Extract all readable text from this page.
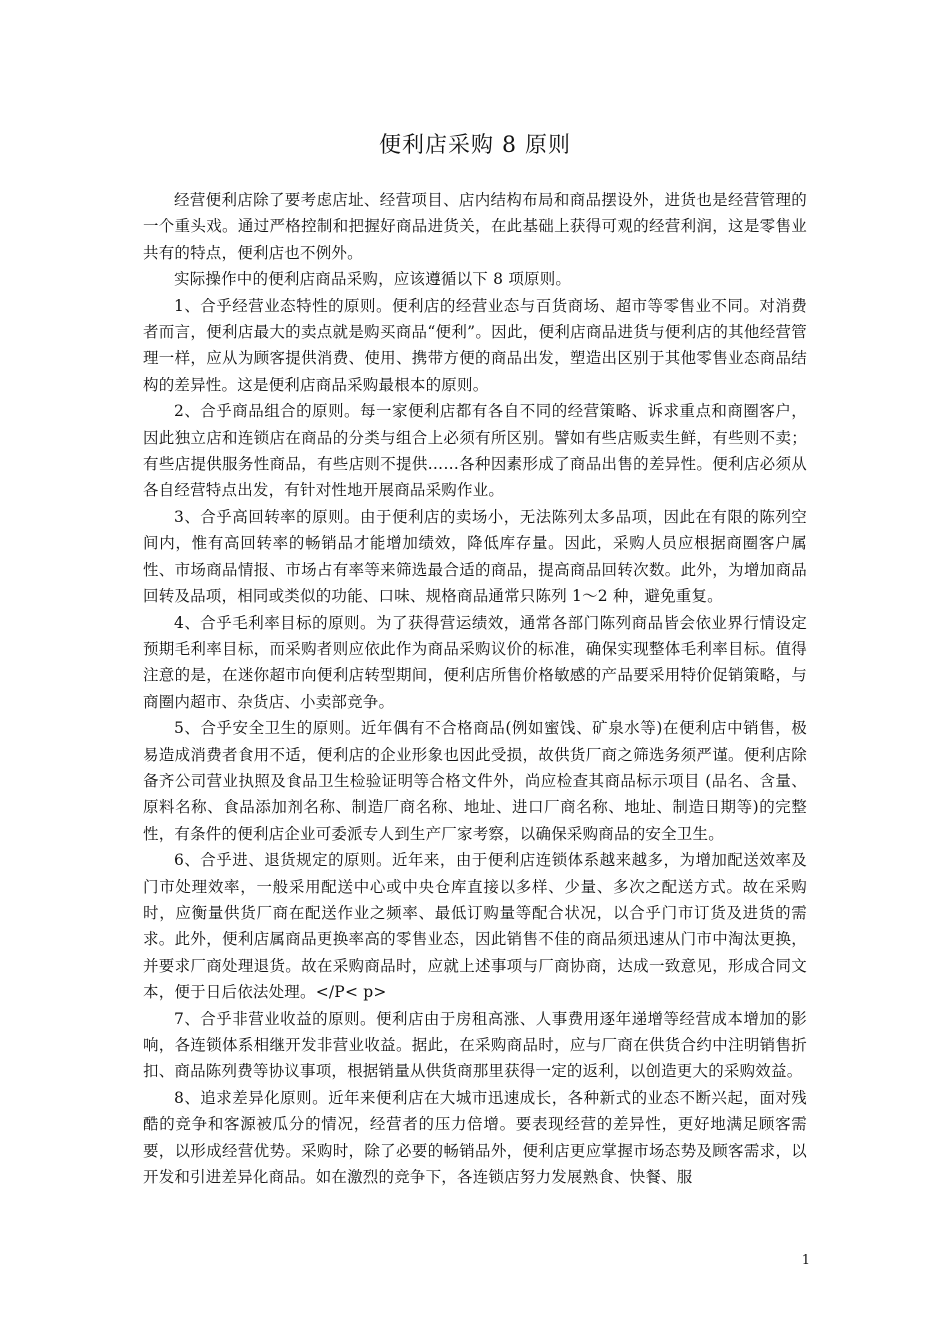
便利店采购 8 原则

经营便利店除了要考虑店址、经营项目、店内结构布局和商品摆设外，进货也是经营管理的一个重头戏。通过严格控制和把握好商品进货关，在此基础上获得可观的经营利润，这是零售业共有的特点，便利店也不例外。

实际操作中的便利店商品采购，应该遵循以下 8 项原则。

1、合乎经营业态特性的原则。便利店的经营业态与百货商场、超市等零售业不同。对消费者而言，便利店最大的卖点就是购买商品“便利”。因此，便利店商品进货与便利店的其他经营管理一样，应从为顾客提供消费、使用、携带方便的商品出发，塑造出区别于其他零售业态商品结构的差异性。这是便利店商品采购最根本的原则。

2、合乎商品组合的原则。每一家便利店都有各自不同的经营策略、诉求重点和商圈客户，因此独立店和连锁店在商品的分类与组合上必须有所区别。譬如有些店贩卖生鲜，有些则不卖；有些店提供服务性商品，有些店则不提供……各种因素形成了商品出售的差异性。便利店必须从各自经营特点出发，有针对性地开展商品采购作业。

3、合乎高回转率的原则。由于便利店的卖场小，无法陈列太多品项，因此在有限的陈列空间内，惟有高回转率的畅销品才能增加绩效，降低库存量。因此，采购人员应根据商圈客户属性、市场商品情报、市场占有率等来筛选最合适的商品，提高商品回转次数。此外，为增加商品回转及品项，相同或类似的功能、口味、规格商品通常只陈列 1～2 种，避免重复。

4、合乎毛利率目标的原则。为了获得营运绩效，通常各部门陈列商品皆会依业界行情设定预期毛利率目标，而采购者则应依此作为商品采购议价的标准，确保实现整体毛利率目标。值得注意的是，在迷你超市向便利店转型期间，便利店所售价格敏感的产品要采用特价促销策略，与商圈内超市、杂货店、小卖部竞争。

5、合乎安全卫生的原则。近年偶有不合格商品(例如蜜饯、矿泉水等)在便利店中销售，极易造成消费者食用不适，便利店的企业形象也因此受损，故供货厂商之筛选务须严谨。便利店除备齐公司营业执照及食品卫生检验证明等合格文件外，尚应检查其商品标示项目 (品名、含量、原料名称、食品添加剂名称、制造厂商名称、地址、进口厂商名称、地址、制造日期等)的完整性，有条件的便利店企业可委派专人到生产厂家考察，以确保采购商品的安全卫生。

6、合乎进、退货规定的原则。近年来，由于便利店连锁体系越来越多，为增加配送效率及门市处理效率，一般采用配送中心或中央仓库直接以多样、少量、多次之配送方式。故在采购时，应衡量供货厂商在配送作业之频率、最低订购量等配合状况，以合乎门市订货及进货的需求。此外，便利店属商品更换率高的零售业态，因此销售不佳的商品须迅速从门市中淘汰更换，并要求厂商处理退货。故在采购商品时，应就上述事项与厂商协商，达成一致意见，形成合同文本，便于日后依法处理。</P< p>

7、合乎非营业收益的原则。便利店由于房租高涨、人事费用逐年递增等经营成本增加的影响，各连锁体系相继开发非营业收益。据此，在采购商品时，应与厂商在供货合约中注明销售折扣、商品陈列费等协议事项，根据销量从供货商那里获得一定的返利，以创造更大的采购效益。

8、追求差异化原则。近年来便利店在大城市迅速成长，各种新式的业态不断兴起，面对残酷的竞争和客源被瓜分的情况，经营者的压力倍增。要表现经营的差异性，更好地满足顾客需要，以形成经营优势。采购时，除了必要的畅销品外，便利店更应掌握市场态势及顾客需求，以开发和引进差异化商品。如在激烈的竞争下，各连锁店努力发展熟食、快餐、服

1
